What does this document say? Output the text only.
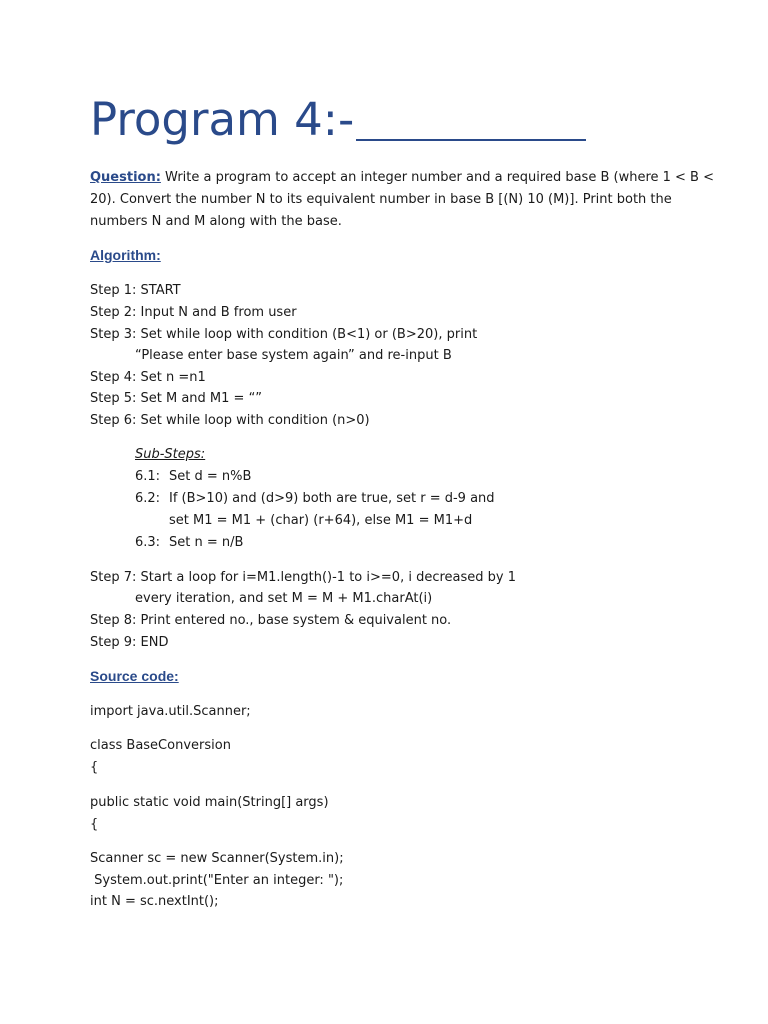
Program 4:-
Question: Write a program to accept an integer number and a required base B (where 1 < B <
20). Convert the number N to its equivalent number in base B [(N) 10 (M)]. Print both the
numbers N and M along with the base.
Algorithm:
Step 1: START
Step 2: Input N and B from user
Step 3: Set while loop with condition (B<1) or (B>20), print
“Please enter base system again” and re-input B
Step 4: Set n =n1
Step 5: Set M and M1 = “”
Step 6: Set while loop with condition (n>0)
Sub-Steps:
6.1: Set d = n%B
6.2: If (B>10) and (d>9) both are true, set r = d-9 and
set M1 = M1 + (char) (r+64), else M1 = M1+d
6.3: Set n = n/B
Step 7: Start a loop for i=M1.length()-1 to i>=0, i decreased by 1
every iteration, and set M = M + M1.charAt(i)
Step 8: Print entered no., base system & equivalent no.
Step 9: END
Source code:
import java.util.Scanner;
class BaseConversion
{
public static void main(String[] args)
{
Scanner sc = new Scanner(System.in);
System.out.print("Enter an integer: ");
int N = sc.nextInt();
